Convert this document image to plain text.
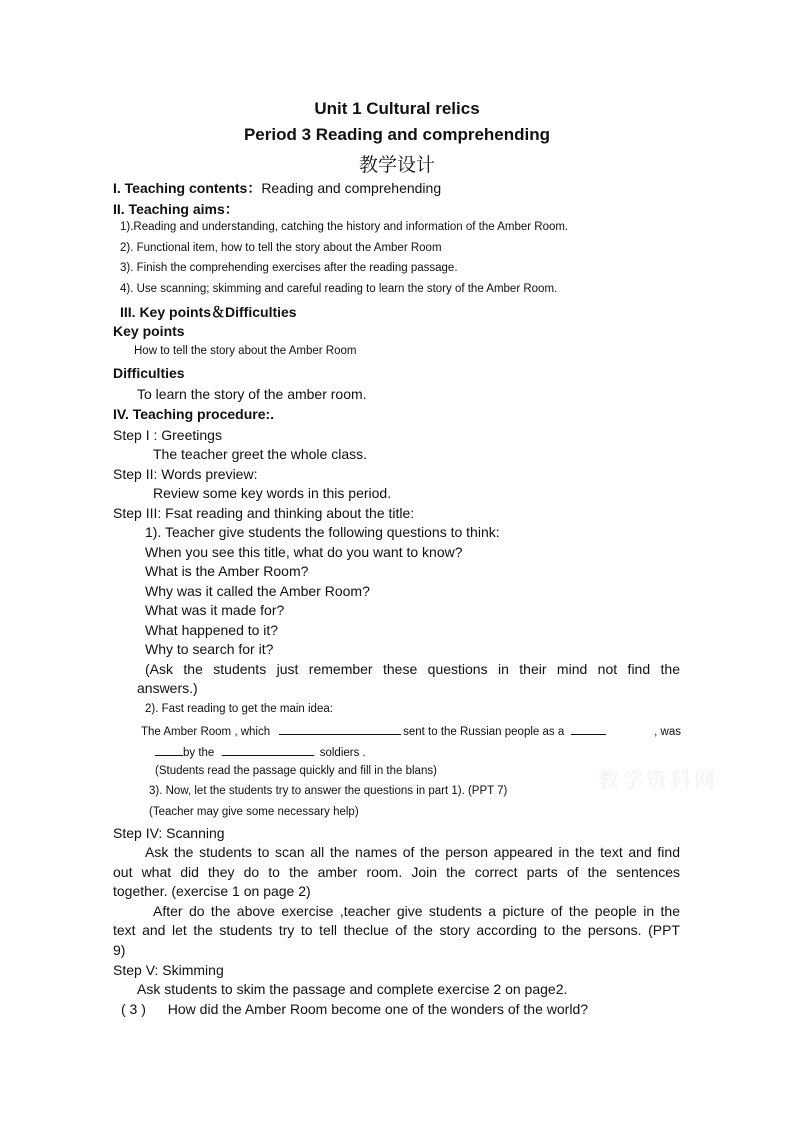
Unit 1 Cultural relics
Period 3 Reading and comprehending
教学设计
I. Teaching contents：Reading and comprehending
II. Teaching aims：
1).Reading and understanding, catching the history and information of the Amber Room.
2). Functional item, how to tell the story about the Amber Room
3). Finish the comprehending exercises after the reading passage.
4). Use scanning; skimming and careful reading to learn the story of the Amber Room.
III. Key points＆Difficulties
Key points
How to tell the story about the Amber Room
Difficulties
To learn the story of the amber room.
IV. Teaching procedure:.
Step I : Greetings
The teacher greet the whole class.
Step II: Words preview:
Review some key words in this period.
Step III: Fsat reading and thinking about the title:
1). Teacher give students the following questions to think:
When you see this title, what do you want to know?
What is the Amber Room?
Why was it called the Amber Room?
What was it made for?
What happened to it?
Why to search for it?
(Ask the students just remember these questions in their mind not find the
answers.)
2). Fast reading to get the main idea:
The Amber Room , which	sent to the Russian people as a	, was
by the	soldiers .
(Students read the passage quickly and fill in the blans)
3). Now, let the students try to answer the questions in part 1). (PPT 7)
(Teacher may give some necessary help)
Step IV: Scanning
Ask the students to scan all the names of the person appeared in the text and find
out what did they do to the amber room. Join the correct parts of the sentences
together. (exercise 1 on page 2)
After do the above exercise ,teacher give students a picture of the people in the
text and let the students try to tell theclue of the story according to the persons. (PPT
9)
Step V: Skimming
Ask students to skim the passage and complete exercise 2 on page2.
( 3 ) How did the Amber Room become one of the wonders of the world?
教学资料网
